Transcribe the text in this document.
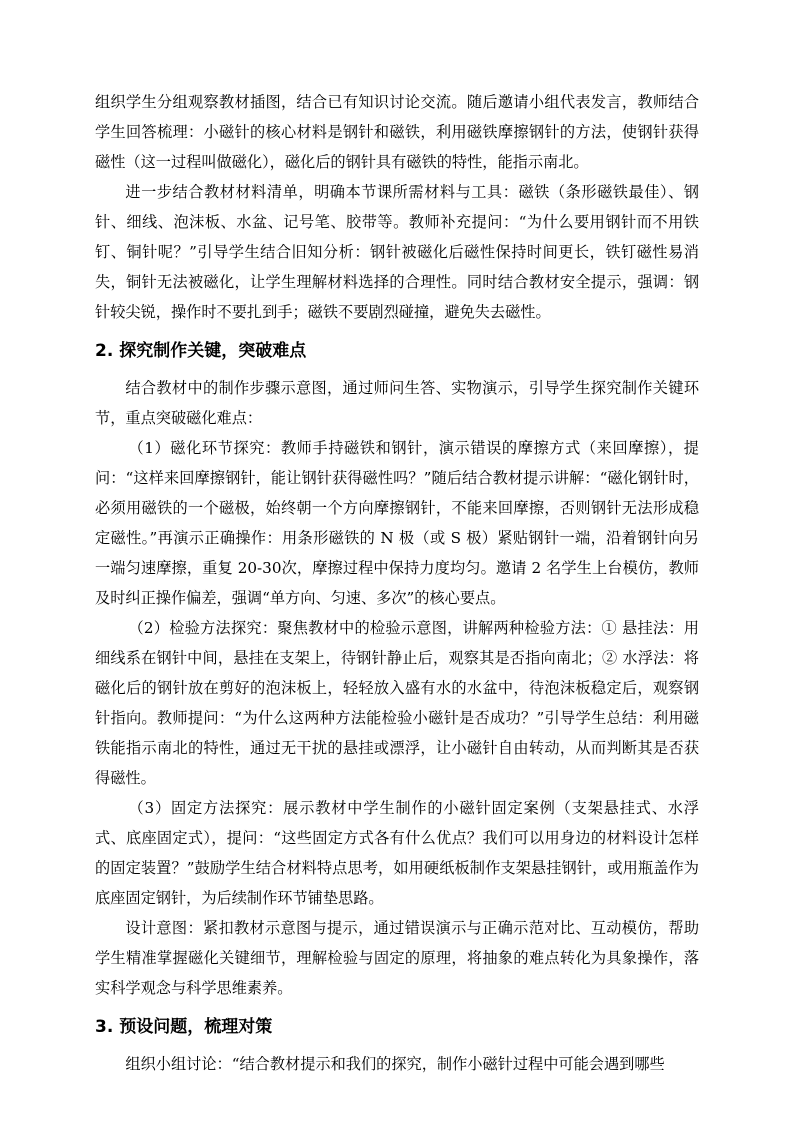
组织学生分组观察教材插图，结合已有知识讨论交流。随后邀请小组代表发言，教师结合学生回答梳理：小磁针的核心材料是钢针和磁铁，利用磁铁摩擦钢针的方法，使钢针获得磁性（这一过程叫做磁化），磁化后的钢针具有磁铁的特性，能指示南北。

进一步结合教材材料清单，明确本节课所需材料与工具：磁铁（条形磁铁最佳）、钢针、细线、泡沫板、水盆、记号笔、胶带等。教师补充提问：“为什么要用钢针而不用铁钉、铜针呢？”引导学生结合旧知分析：钢针被磁化后磁性保持时间更长，铁钉磁性易消失，铜针无法被磁化，让学生理解材料选择的合理性。同时结合教材安全提示，强调：钢针较尖锐，操作时不要扎到手；磁铁不要剧烈碰撞，避免失去磁性。

2. 探究制作关键，突破难点

结合教材中的制作步骤示意图，通过师问生答、实物演示，引导学生探究制作关键环节，重点突破磁化难点：

（1）磁化环节探究：教师手持磁铁和钢针，演示错误的摩擦方式（来回摩擦），提问：“这样来回摩擦钢针，能让钢针获得磁性吗？”随后结合教材提示讲解：“磁化钢针时，必须用磁铁的一个磁极，始终朝一个方向摩擦钢针，不能来回摩擦，否则钢针无法形成稳定磁性。”再演示正确操作：用条形磁铁的 N 极（或 S 极）紧贴钢针一端，沿着钢针向另一端匀速摩擦，重复 20-30次，摩擦过程中保持力度均匀。邀请 2 名学生上台模仿，教师及时纠正操作偏差，强调“单方向、匀速、多次”的核心要点。

（2）检验方法探究：聚焦教材中的检验示意图，讲解两种检验方法：① 悬挂法：用细线系在钢针中间，悬挂在支架上，待钢针静止后，观察其是否指向南北；② 水浮法：将磁化后的钢针放在剪好的泡沫板上，轻轻放入盛有水的水盆中，待泡沫板稳定后，观察钢针指向。教师提问：“为什么这两种方法能检验小磁针是否成功？”引导学生总结：利用磁铁能指示南北的特性，通过无干扰的悬挂或漂浮，让小磁针自由转动，从而判断其是否获得磁性。

（3）固定方法探究：展示教材中学生制作的小磁针固定案例（支架悬挂式、水浮式、底座固定式），提问：“这些固定方式各有什么优点？我们可以用身边的材料设计怎样的固定装置？”鼓励学生结合材料特点思考，如用硬纸板制作支架悬挂钢针，或用瓶盖作为底座固定钢针，为后续制作环节铺垫思路。

设计意图：紧扣教材示意图与提示，通过错误演示与正确示范对比、互动模仿，帮助学生精准掌握磁化关键细节，理解检验与固定的原理，将抽象的难点转化为具象操作，落实科学观念与科学思维素养。

3. 预设问题，梳理对策

组织小组讨论：“结合教材提示和我们的探究，制作小磁针过程中可能会遇到哪些
